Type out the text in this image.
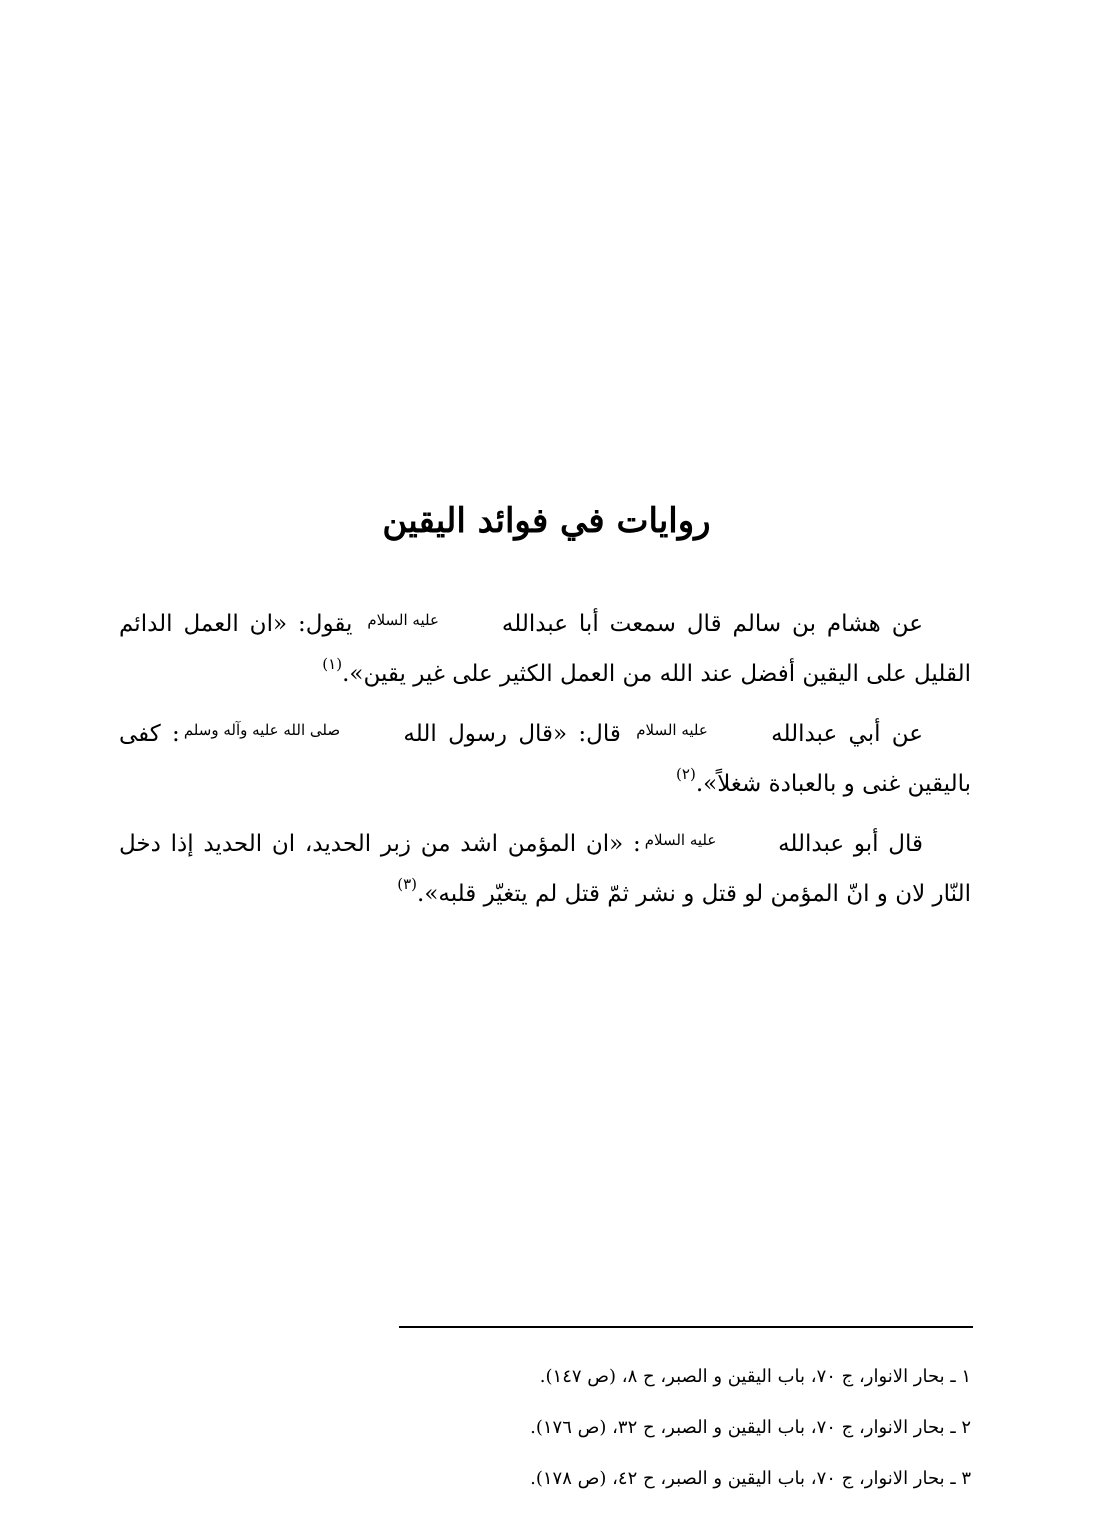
روايات في فوائد اليقين

عن هشام بن سالم قال سمعت أبا عبدالله عليه السلام يقول: «ان العمل الدائم القليل على اليقين أفضل عند الله من العمل الكثير على غير يقين».$^{(١)}$

عن أبي عبدالله عليه السلام قال: «قال رسول الله صلى الله عليه وآله وسلم: كفى باليقين غنى و بالعبادة شغلاً».$^{(٢)}$

قال أبو عبدالله عليه السلام: «ان المؤمن اشد من زبر الحديد، ان الحديد إذا دخل النّار لان و انّ المؤمن لو قتل و نشر ثمّ قتل لم يتغيّر قلبه».$^{(٣)}$

١ ـ بحار الانوار، ج ٧٠، باب اليقين و الصبر، ح ٨، (ص ١٤٧).

٢ ـ بحار الانوار، ج ٧٠، باب اليقين و الصبر، ح ٣٢، (ص ١٧٦).

٣ ـ بحار الانوار، ج ٧٠، باب اليقين و الصبر، ح ٤٢، (ص ١٧٨).
